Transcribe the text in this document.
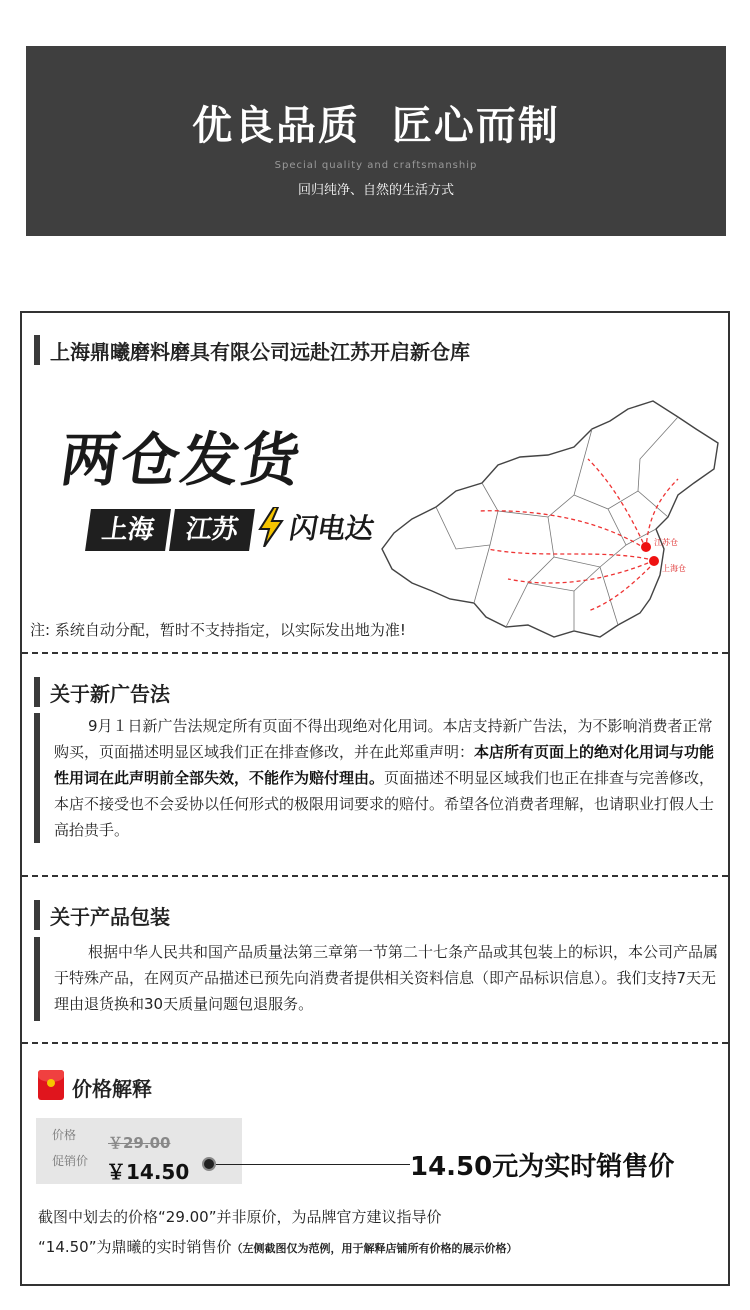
优良品质  匠心而制
Special quality and craftsmanship
回归纯净、自然的生活方式
上海鼎曦磨料磨具有限公司远赴江苏开启新仓库
两仓发货
上海	江苏	闪电达	江苏仓
上海仓
注: 系统自动分配，暂时不支持指定，以实际发出地为准!
关于新广告法
9月１日新广告法规定所有页面不得出现绝对化用词。本店支持新广告法，为不影响消费者正常购买，页面描述明显区域我们正在排查修改，并在此郑重声明：本店所有页面上的绝对化用词与功能性用词在此声明前全部失效，不能作为赔付理由。页面描述不明显区域我们也正在排查与完善修改，本店不接受也不会妥协以任何形式的极限用词要求的赔付。希望各位消费者理解，也请职业打假人士高抬贵手。
关于产品包装
根据中华人民共和国产品质量法第三章第一节第二十七条产品或其包装上的标识，本公司产品属于特殊产品，在网页产品描述已预先向消费者提供相关资料信息（即产品标识信息）。我们支持7天无理由退货换和30天质量问题包退服务。
价格解释
价格
促销价
￥29.00
￥14.50	14.50元为实时销售价
截图中划去的价格“29.00”并非原价，为品牌官方建议指导价
“14.50”为鼎曦的实时销售价（左侧截图仅为范例，用于解释店铺所有价格的展示价格）
